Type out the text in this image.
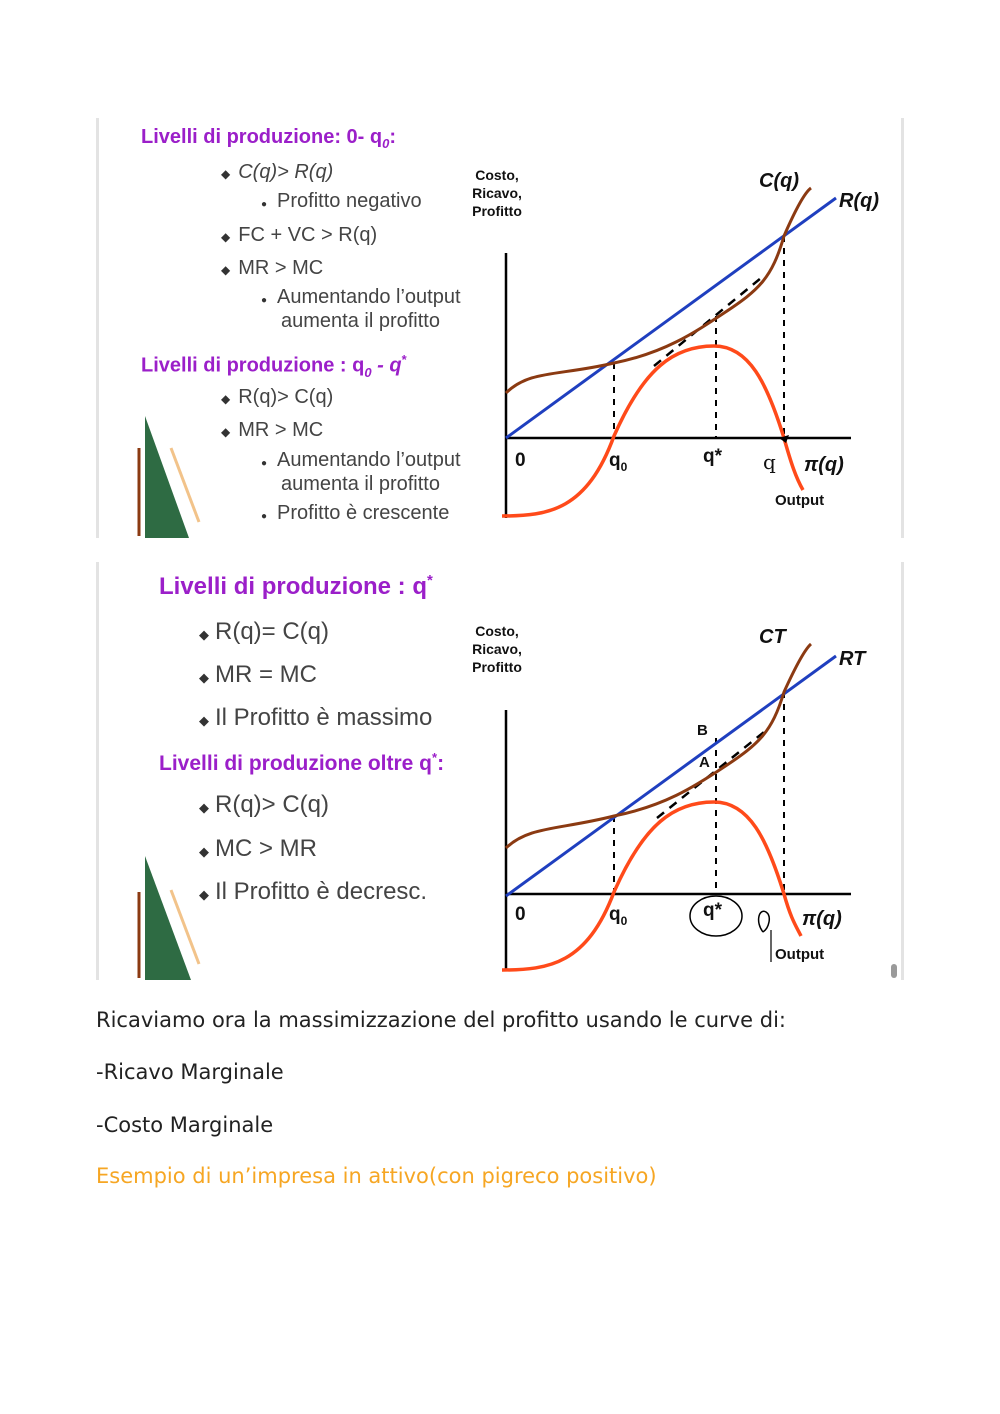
Livelli di produzione: 0- $q_0$:
◆ C(q)> R(q)
● Profitto negativo
◆ FC + VC > R(q)
◆ MR > MC
● Aumentando l’output
aumenta il profitto
Livelli di produzione : $q_0 - q^*$
◆ R(q)> C(q)
◆ MR > MC
● Aumentando l’output
aumenta il profitto
● Profitto è crescente
Costo,
Ricavo,
Profitto
C(q)
R(q)
π(q)
0	$q_0$	q* q
Output
Livelli di produzione : q*
◆ R(q)= C(q)
◆ MR = MC
◆ Il Profitto è massimo
Livelli di produzione oltre q*:
◆ R(q)> C(q)
◆ MC > MR
◆ Il Profitto è decresc.
Costo,
Ricavo,
Profitto
CT
RT
B
A
π(q)
0	$q_0$	q*
Output
Ricaviamo ora la massimizzazione del profitto usando le curve di:
-Ricavo Marginale
-Costo Marginale
Esempio di un’impresa in attivo(con pigreco positivo)
